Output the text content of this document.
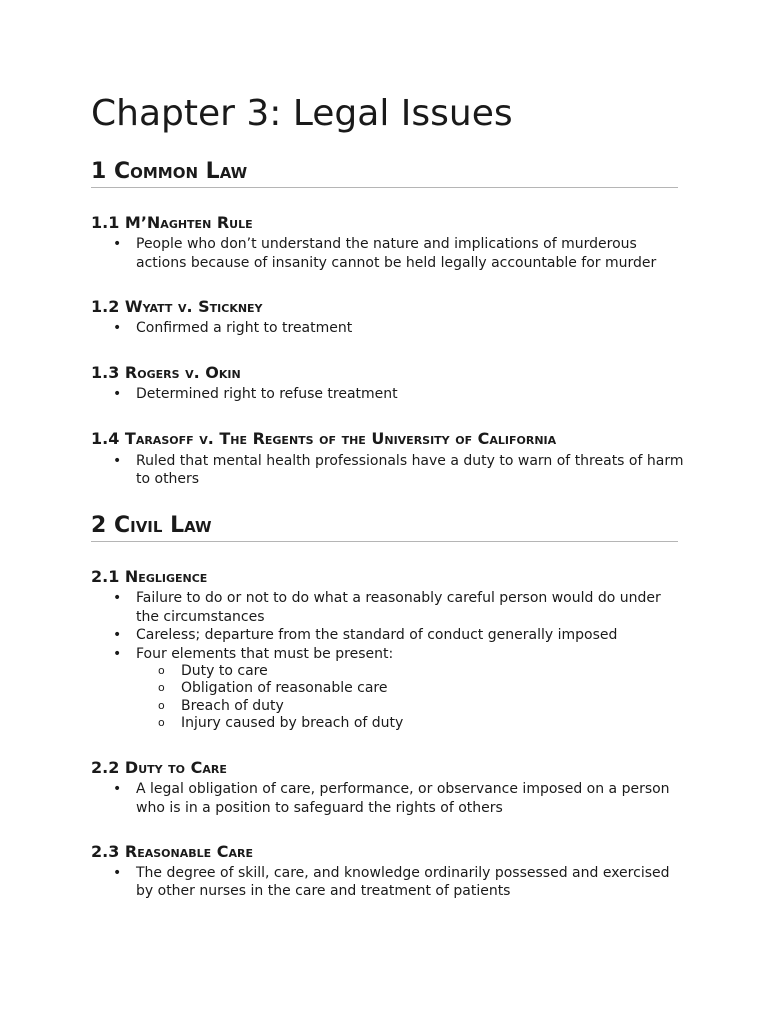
Chapter 3: Legal Issues
1 Common Law
1.1 M’Naghten Rule
• People who don’t understand the nature and implications of murderous
actions because of insanity cannot be held legally accountable for murder
1.2 Wyatt v. Stickney
• Confirmed a right to treatment
1.3 Rogers v. Okin
• Determined right to refuse treatment
1.4 Tarasoff v. The Regents of the University of California
• Ruled that mental health professionals have a duty to warn of threats of harm
to others
2 Civil Law
2.1 Negligence
• Failure to do or not to do what a reasonably careful person would do under
the circumstances
• Careless; departure from the standard of conduct generally imposed
• Four elements that must be present:
o Duty to care
o Obligation of reasonable care
o Breach of duty
o Injury caused by breach of duty
2.2 Duty to Care
• A legal obligation of care, performance, or observance imposed on a person
who is in a position to safeguard the rights of others
2.3 Reasonable Care
• The degree of skill, care, and knowledge ordinarily possessed and exercised
by other nurses in the care and treatment of patients
